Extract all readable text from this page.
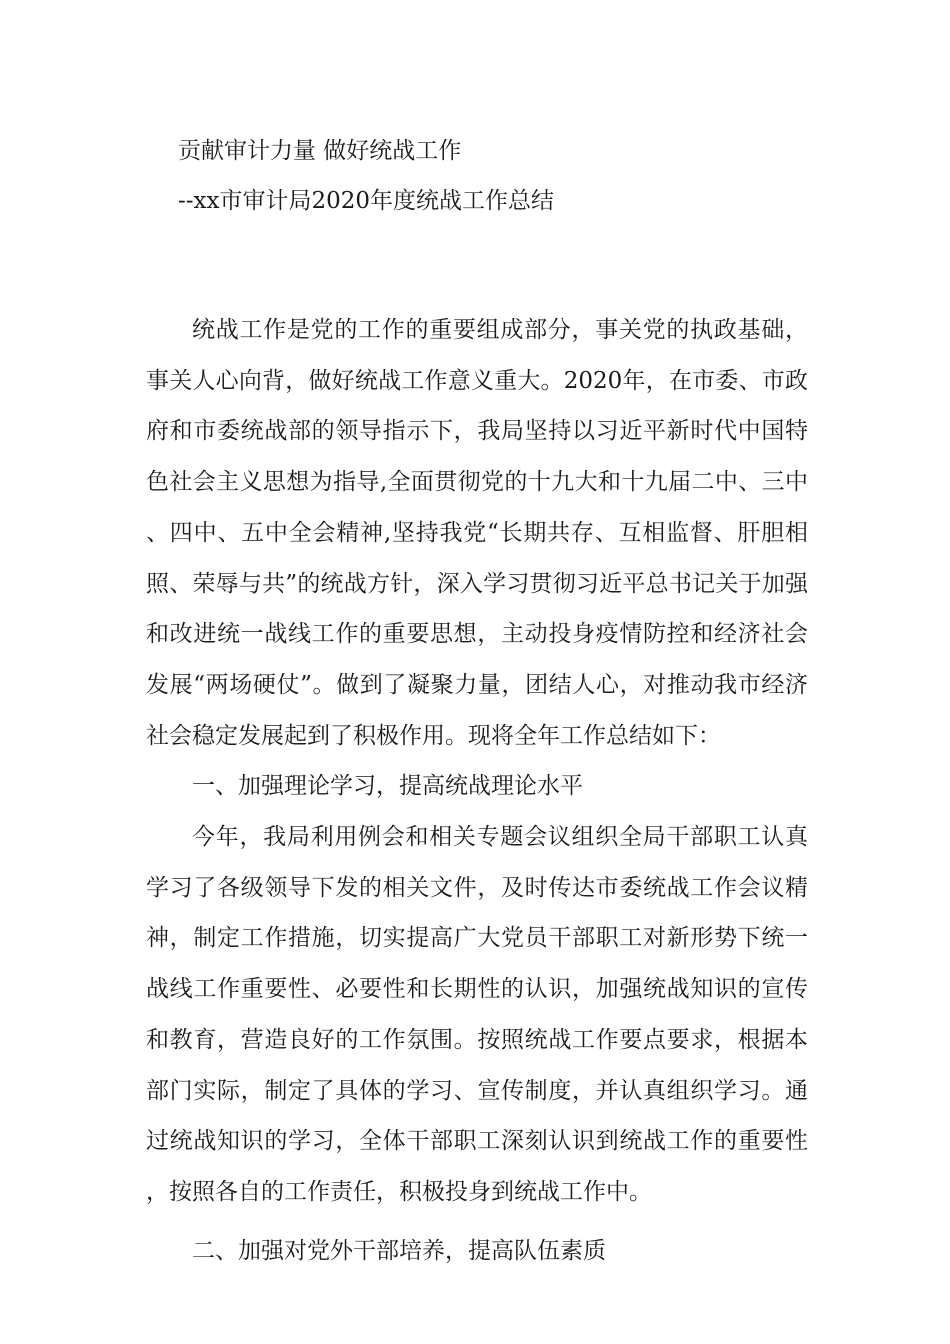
贡献审计力量 做好统战工作
--xx市审计局2020年度统战工作总结

统战工作是党的工作的重要组成部分，事关党的执政基础，事关人心向背，做好统战工作意义重大。2020年，在市委、市政府和市委统战部的领导指示下，我局坚持以习近平新时代中国特色社会主义思想为指导,全面贯彻党的十九大和十九届二中、三中、四中、五中全会精神,坚持我党“长期共存、互相监督、肝胆相照、荣辱与共”的统战方针，深入学习贯彻习近平总书记关于加强和改进统一战线工作的重要思想，主动投身疫情防控和经济社会发展“两场硬仗”。做到了凝聚力量，团结人心，对推动我市经济社会稳定发展起到了积极作用。现将全年工作总结如下：

一、加强理论学习，提高统战理论水平

今年，我局利用例会和相关专题会议组织全局干部职工认真学习了各级领导下发的相关文件，及时传达市委统战工作会议精神，制定工作措施，切实提高广大党员干部职工对新形势下统一战线工作重要性、必要性和长期性的认识，加强统战知识的宣传和教育，营造良好的工作氛围。按照统战工作要点要求，根据本部门实际，制定了具体的学习、宣传制度，并认真组织学习。通过统战知识的学习，全体干部职工深刻认识到统战工作的重要性，按照各自的工作责任，积极投身到统战工作中。

二、加强对党外干部培养，提高队伍素质
